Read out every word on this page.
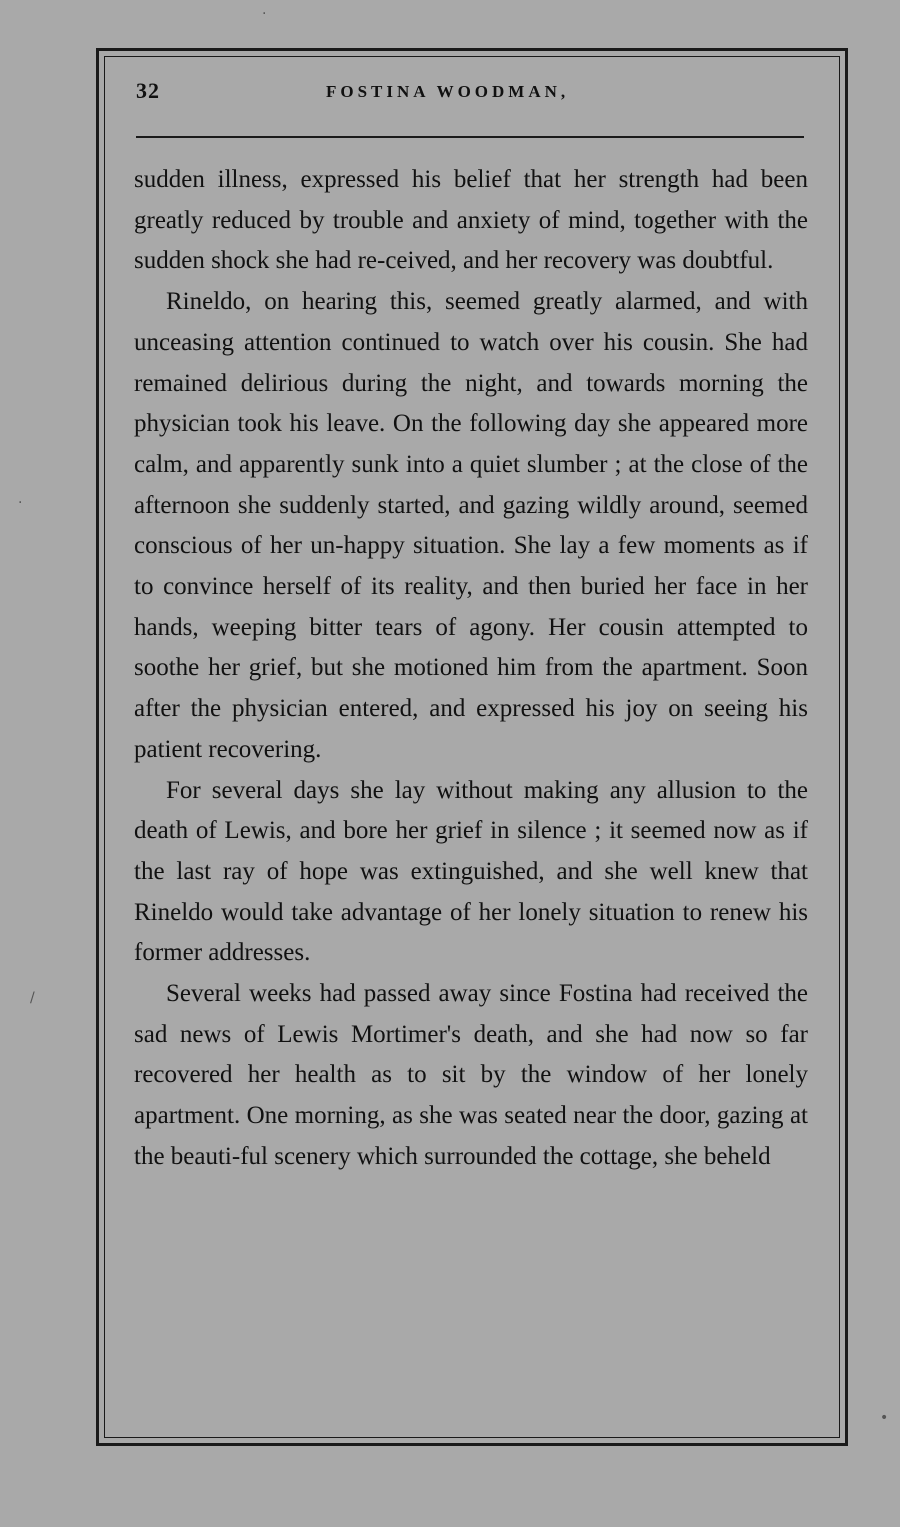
32	FOSTINA WOODMAN,

sudden illness, expressed his belief that her strength had been greatly reduced by trouble and anxiety of mind, together with the sudden shock she had re-ceived, and her recovery was doubtful.

Rineldo, on hearing this, seemed greatly alarmed, and with unceasing attention continued to watch over his cousin. She had remained delirious during the night, and towards morning the physician took his leave. On the following day she appeared more calm, and apparently sunk into a quiet slumber ; at the close of the afternoon she suddenly started, and gazing wildly around, seemed conscious of her un-happy situation. She lay a few moments as if to convince herself of its reality, and then buried her face in her hands, weeping bitter tears of agony. Her cousin attempted to soothe her grief, but she motioned him from the apartment. Soon after the physician entered, and expressed his joy on seeing his patient recovering.

For several days she lay without making any allusion to the death of Lewis, and bore her grief in silence ; it seemed now as if the last ray of hope was extinguished, and she well knew that Rineldo would take advantage of her lonely situation to renew his former addresses.

Several weeks had passed away since Fostina had received the sad news of Lewis Mortimer's death, and she had now so far recovered her health as to sit by the window of her lonely apartment. One morning, as she was seated near the door, gazing at the beauti-ful scenery which surrounded the cottage, she beheld

·
·
/
•
